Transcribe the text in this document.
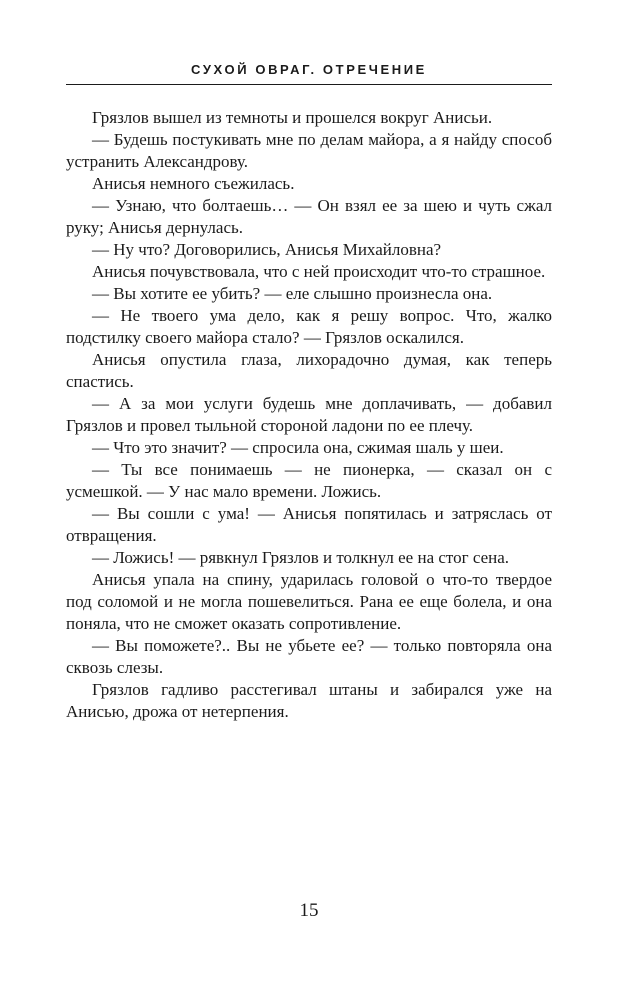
СУХОЙ ОВРАГ. ОТРЕЧЕНИЕ

Грязлов вышел из темноты и прошелся вокруг Аниcьи.

— Будешь постукивать мне по делам майора, а я найду способ устранить Александрову.

Анисья немного съежилась.

— Узнаю, что болтаешь… — Он взял ее за шею и чуть сжал руку; Анисья дернулась.

— Ну что? Договорились, Анисья Михайловна?

Анисья почувствовала, что с ней происходит что-то страшное.

— Вы хотите ее убить? — еле слышно произнесла она.

— Не твоего ума дело, как я решу вопрос. Что, жалко подстилку своего майора стало? — Грязлов оскалился.

Анисья опустила глаза, лихорадочно думая, как теперь спастись.

— А за мои услуги будешь мне доплачивать, — добавил Грязлов и провел тыльной стороной ладони по ее плечу.

— Что это значит? — спросила она, сжимая шаль у шеи.

— Ты все понимаешь — не пионерка, — сказал он с усмешкой. — У нас мало времени. Ложись.

— Вы сошли с ума! — Анисья попятилась и затряслась от отвращения.

— Ложись! — рявкнул Грязлов и толкнул ее на стог сена.

Анисья упала на спину, ударилась головой о что-то твердое под соломой и не могла пошевелиться. Рана ее еще болела, и она поняла, что не сможет оказать сопротивление.

— Вы поможете?.. Вы не убьете ее? — только повторяла она сквозь слезы.

Грязлов гадливо расстегивал штаны и забирался уже на Анисью, дрожа от нетерпения.

15
